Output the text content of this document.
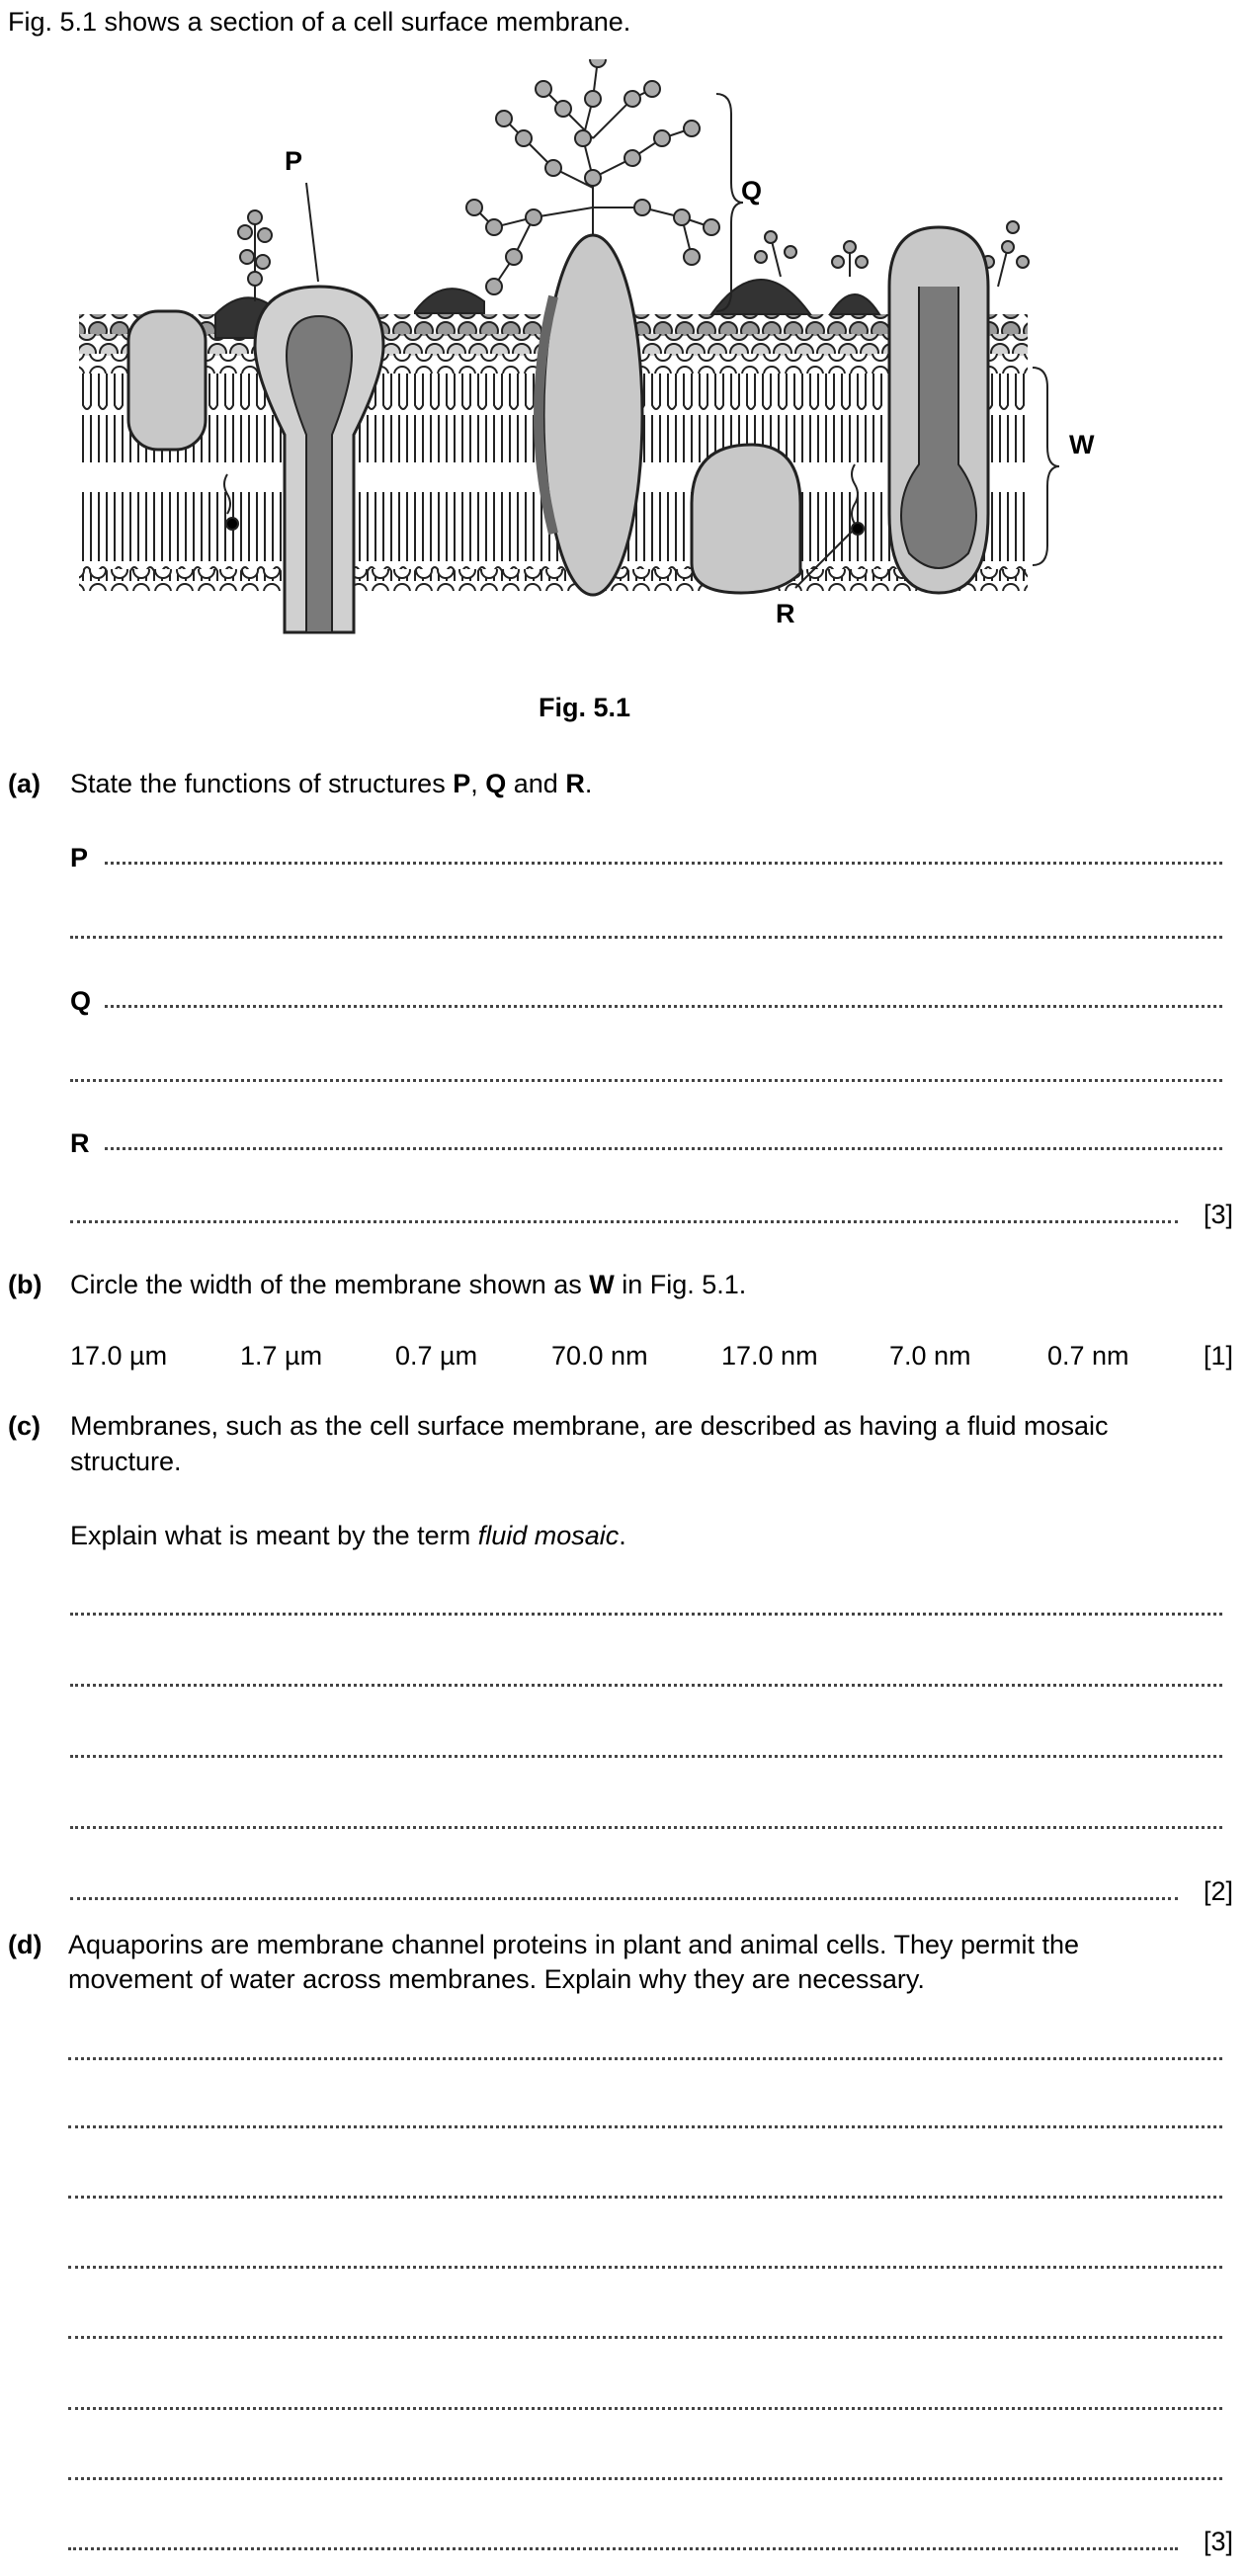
Fig. 5.1 shows a section of a cell surface membrane.
P
Q
R
W
Fig. 5.1
(a) State the functions of structures P, Q and R.
P
Q
R
[3]
(b) Circle the width of the membrane shown as W in Fig. 5.1.
17.0 µm	1.7 µm	0.7 µm	70.0 nm	17.0 nm	7.0 nm	0.7 nm	[1]
(c) Membranes, such as the cell surface membrane, are described as having a fluid mosaic
structure.
Explain what is meant by the term fluid mosaic.
[2]
(d) Aquaporins are membrane channel proteins in plant and animal cells. They permit the
movement of water across membranes. Explain why they are necessary.
[3]
